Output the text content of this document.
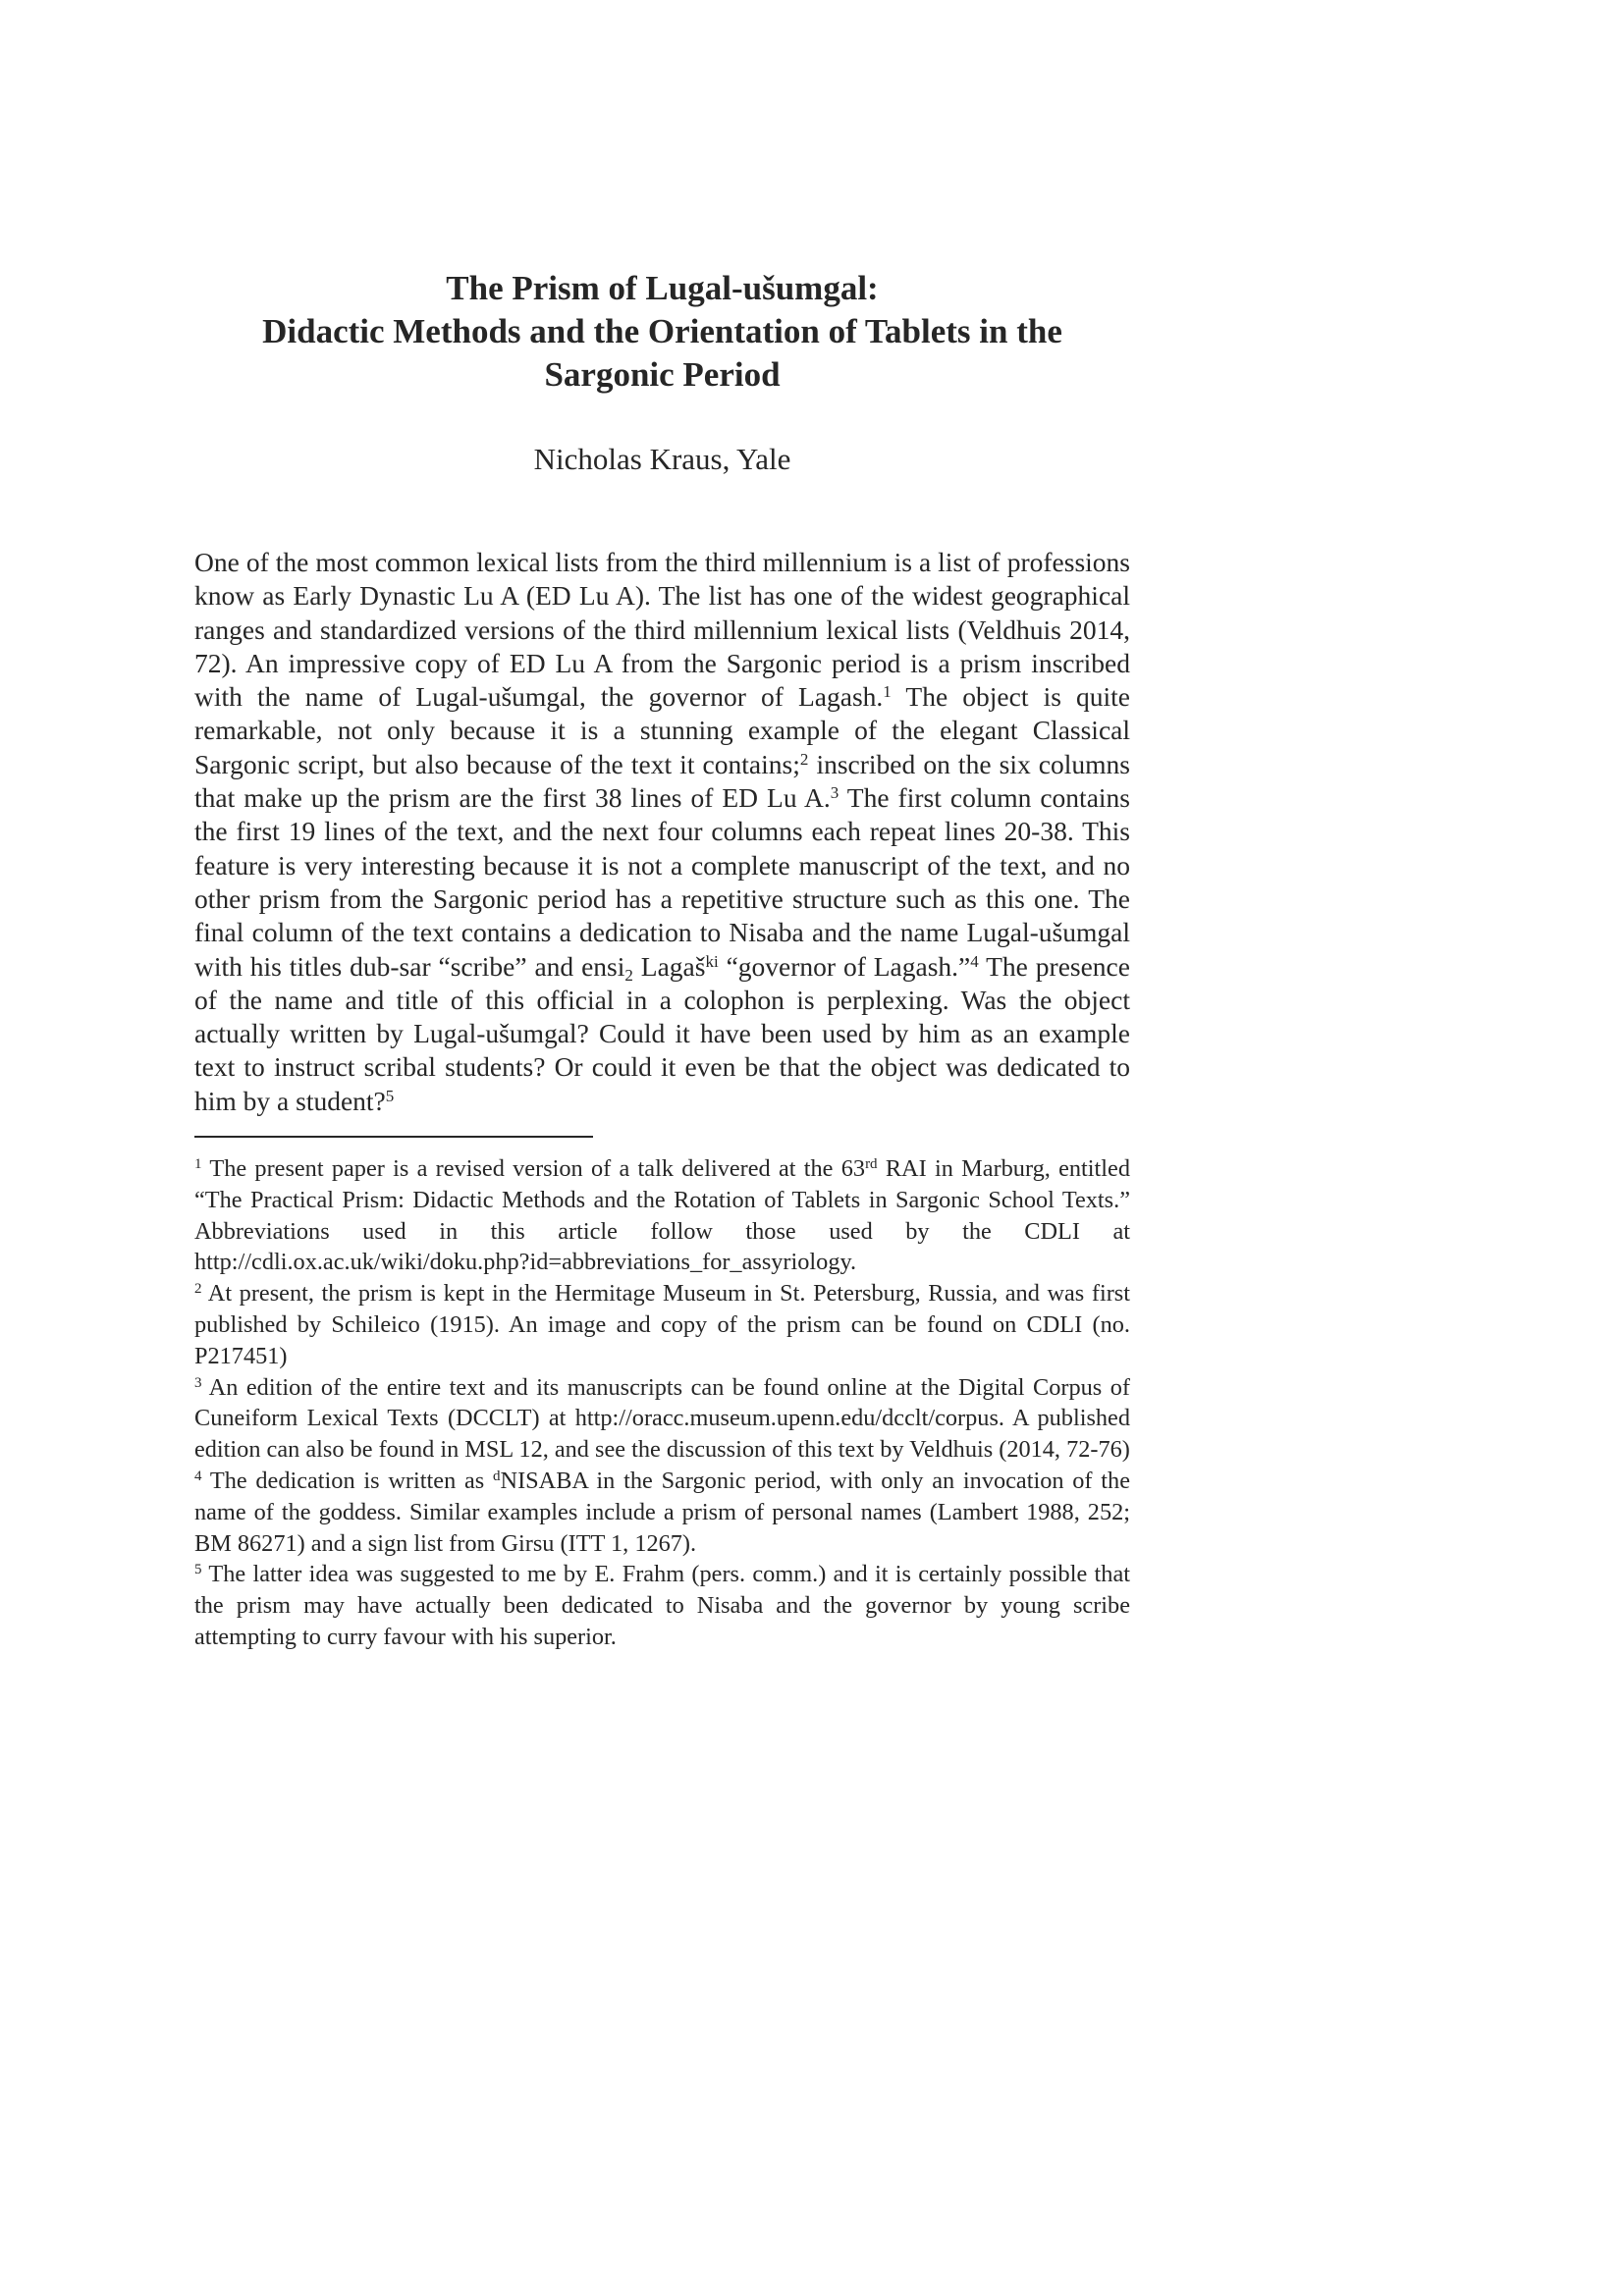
The Prism of Lugal-ušumgal:
Didactic Methods and the Orientation of Tablets in the
Sargonic Period

Nicholas Kraus, Yale

One of the most common lexical lists from the third millennium is a list of professions know as Early Dynastic Lu A (ED Lu A). The list has one of the widest geographical ranges and standardized versions of the third millennium lexical lists (Veldhuis 2014, 72). An impressive copy of ED Lu A from the Sargonic period is a prism inscribed with the name of Lugal-ušumgal, the governor of Lagash.$^1$ The object is quite remarkable, not only because it is a stunning example of the elegant Classical Sargonic script, but also because of the text it contains;$^2$ inscribed on the six columns that make up the prism are the first 38 lines of ED Lu A.$^3$ The first column contains the first 19 lines of the text, and the next four columns each repeat lines 20-38. This feature is very interesting because it is not a complete manuscript of the text, and no other prism from the Sargonic period has a repetitive structure such as this one. The final column of the text contains a dedication to Nisaba and the name Lugal-ušumgal with his titles dub-sar “scribe” and ensi$_2$ Lagaš$^{ki}$ “governor of Lagash.”$^4$ The presence of the name and title of this official in a colophon is perplexing. Was the object actually written by Lugal-ušumgal? Could it have been used by him as an example text to instruct scribal students? Or could it even be that the object was dedicated to him by a student?$^5$

$^1$ The present paper is a revised version of a talk delivered at the 63rd RAI in Marburg, entitled “The Practical Prism: Didactic Methods and the Rotation of Tablets in Sargonic School Texts.” Abbreviations used in this article follow those used by the CDLI at http://cdli.ox.ac.uk/wiki/doku.php?id=abbreviations_for_assyriology.

$^2$ At present, the prism is kept in the Hermitage Museum in St. Petersburg, Russia, and was first published by Schileico (1915). An image and copy of the prism can be found on CDLI (no. P217451)

$^3$ An edition of the entire text and its manuscripts can be found online at the Digital Corpus of Cuneiform Lexical Texts (DCCLT) at http://oracc.museum.upenn.edu/dcclt/corpus. A published edition can also be found in MSL 12, and see the discussion of this text by Veldhuis (2014, 72-76)

$^4$ The dedication is written as $^d$NISABA in the Sargonic period, with only an invocation of the name of the goddess. Similar examples include a prism of personal names (Lambert 1988, 252; BM 86271) and a sign list from Girsu (ITT 1, 1267).

$^5$ The latter idea was suggested to me by E. Frahm (pers. comm.) and it is certainly possible that the prism may have actually been dedicated to Nisaba and the governor by young scribe attempting to curry favour with his superior.
